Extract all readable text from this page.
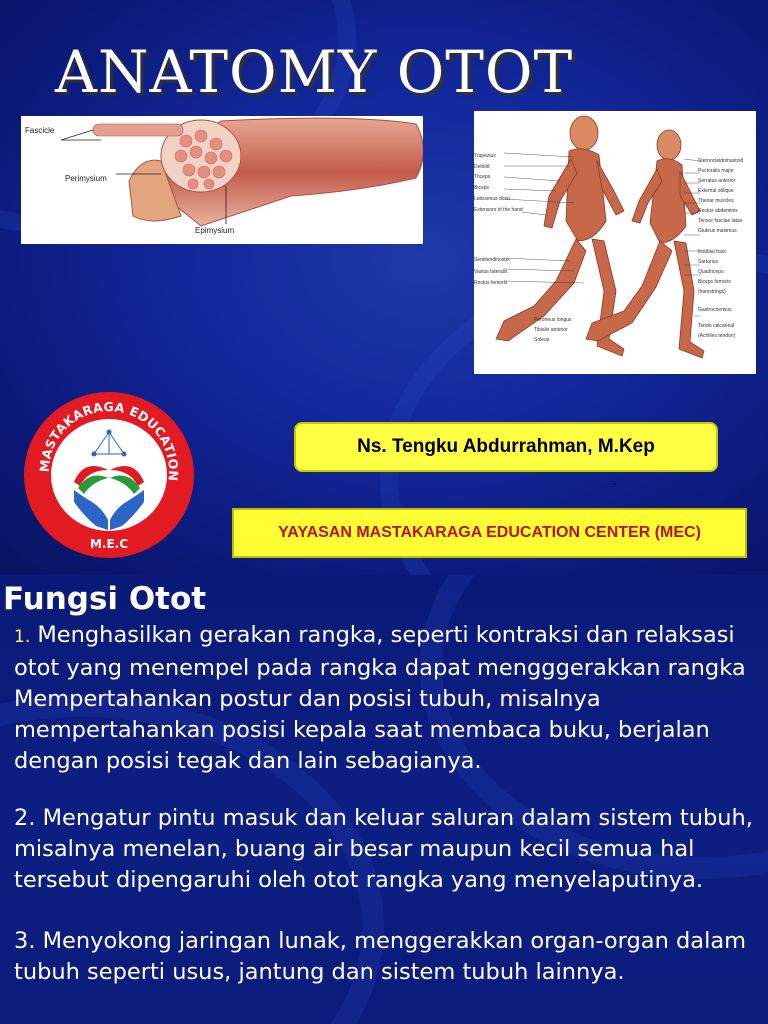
ANATOMY OTOT
Fascicle
Perimysium
Epimysium
Trapezius
Deltoid
Triceps
Biceps
Latissimus dorsi
Extensors of the hand
Semitendinosus
Vastus lateralis
Rectus femoris
Peroneus longus
Tibialis anterior
Soleus
Sternocleidomastoid
Pectoralis major
Serratus anterior
External oblique
Thenar muscles
Rectus abdominis
Tensor fasciae latae
Gluteus maximus
Iliotibial tract
Sartorius
Quadriceps
Biceps femoris (hamstrings)
Gastrocnemius
Tendo calcaneal (Achilles tendon)
MASTAKARAGA EDUCATION
M.E.C
Ns. Tengku Abdurrahman, M.Kep
YAYASAN MASTAKARAGA EDUCATION CENTER (MEC)
Fungsi Otot
1. Menghasilkan gerakan rangka, seperti kontraksi dan relaksasi
otot yang menempel pada rangka dapat mengggerakkan rangka
Mempertahankan postur dan posisi tubuh, misalnya
mempertahankan posisi kepala saat membaca buku, berjalan
dengan posisi tegak dan lain sebagianya.
2. Mengatur pintu masuk dan keluar saluran dalam sistem tubuh,
misalnya menelan, buang air besar maupun kecil semua hal
tersebut dipengaruhi oleh otot rangka yang menyelaputinya.
3. Menyokong jaringan lunak, menggerakkan organ-organ dalam
tubuh seperti usus, jantung dan sistem tubuh lainnya.
